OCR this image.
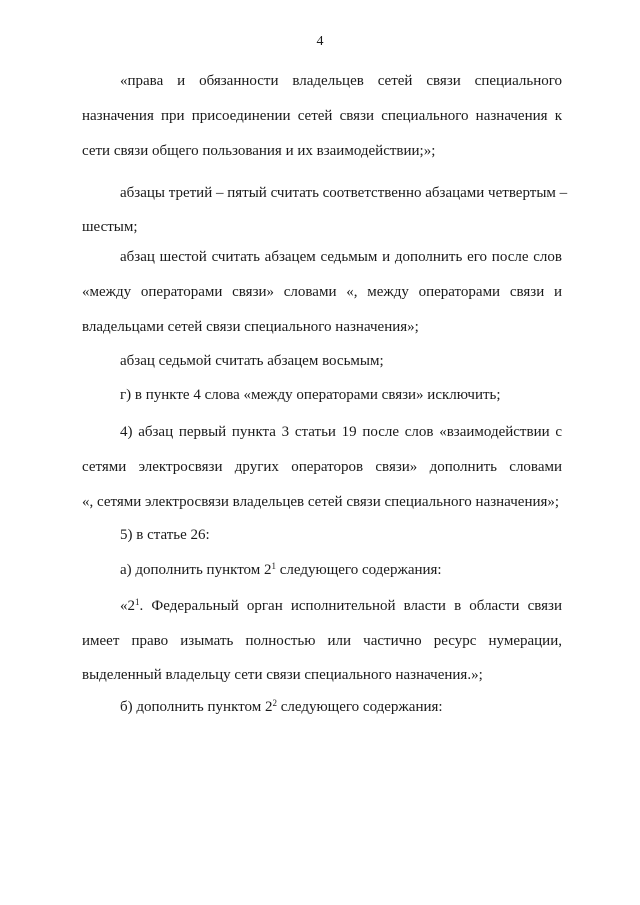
4
«права и обязанности владельцев сетей связи специального
назначения при присоединении сетей связи специального назначения к
сети связи общего пользования и их взаимодействии;»;
абзацы третий – пятый считать соответственно абзацами четвертым –
шестым;
абзац шестой считать абзацем седьмым и дополнить его после слов
«между операторами связи» словами «, между операторами связи и
владельцами сетей связи специального назначения»;
абзац седьмой считать абзацем восьмым;
г) в пункте 4 слова «между операторами связи» исключить;
4) абзац первый пункта 3 статьи 19 после слов «взаимодействии с
сетями электросвязи других операторов связи» дополнить словами
«, сетями электросвязи владельцев сетей связи специального назначения»;
5) в статье 26:
а) дополнить пунктом $2^1$ следующего содержания:
«$2^1$. Федеральный орган исполнительной власти в области связи
имеет право изымать полностью или частично ресурс нумерации,
выделенный владельцу сети связи специального назначения.»;
б) дополнить пунктом $2^2$ следующего содержания:
